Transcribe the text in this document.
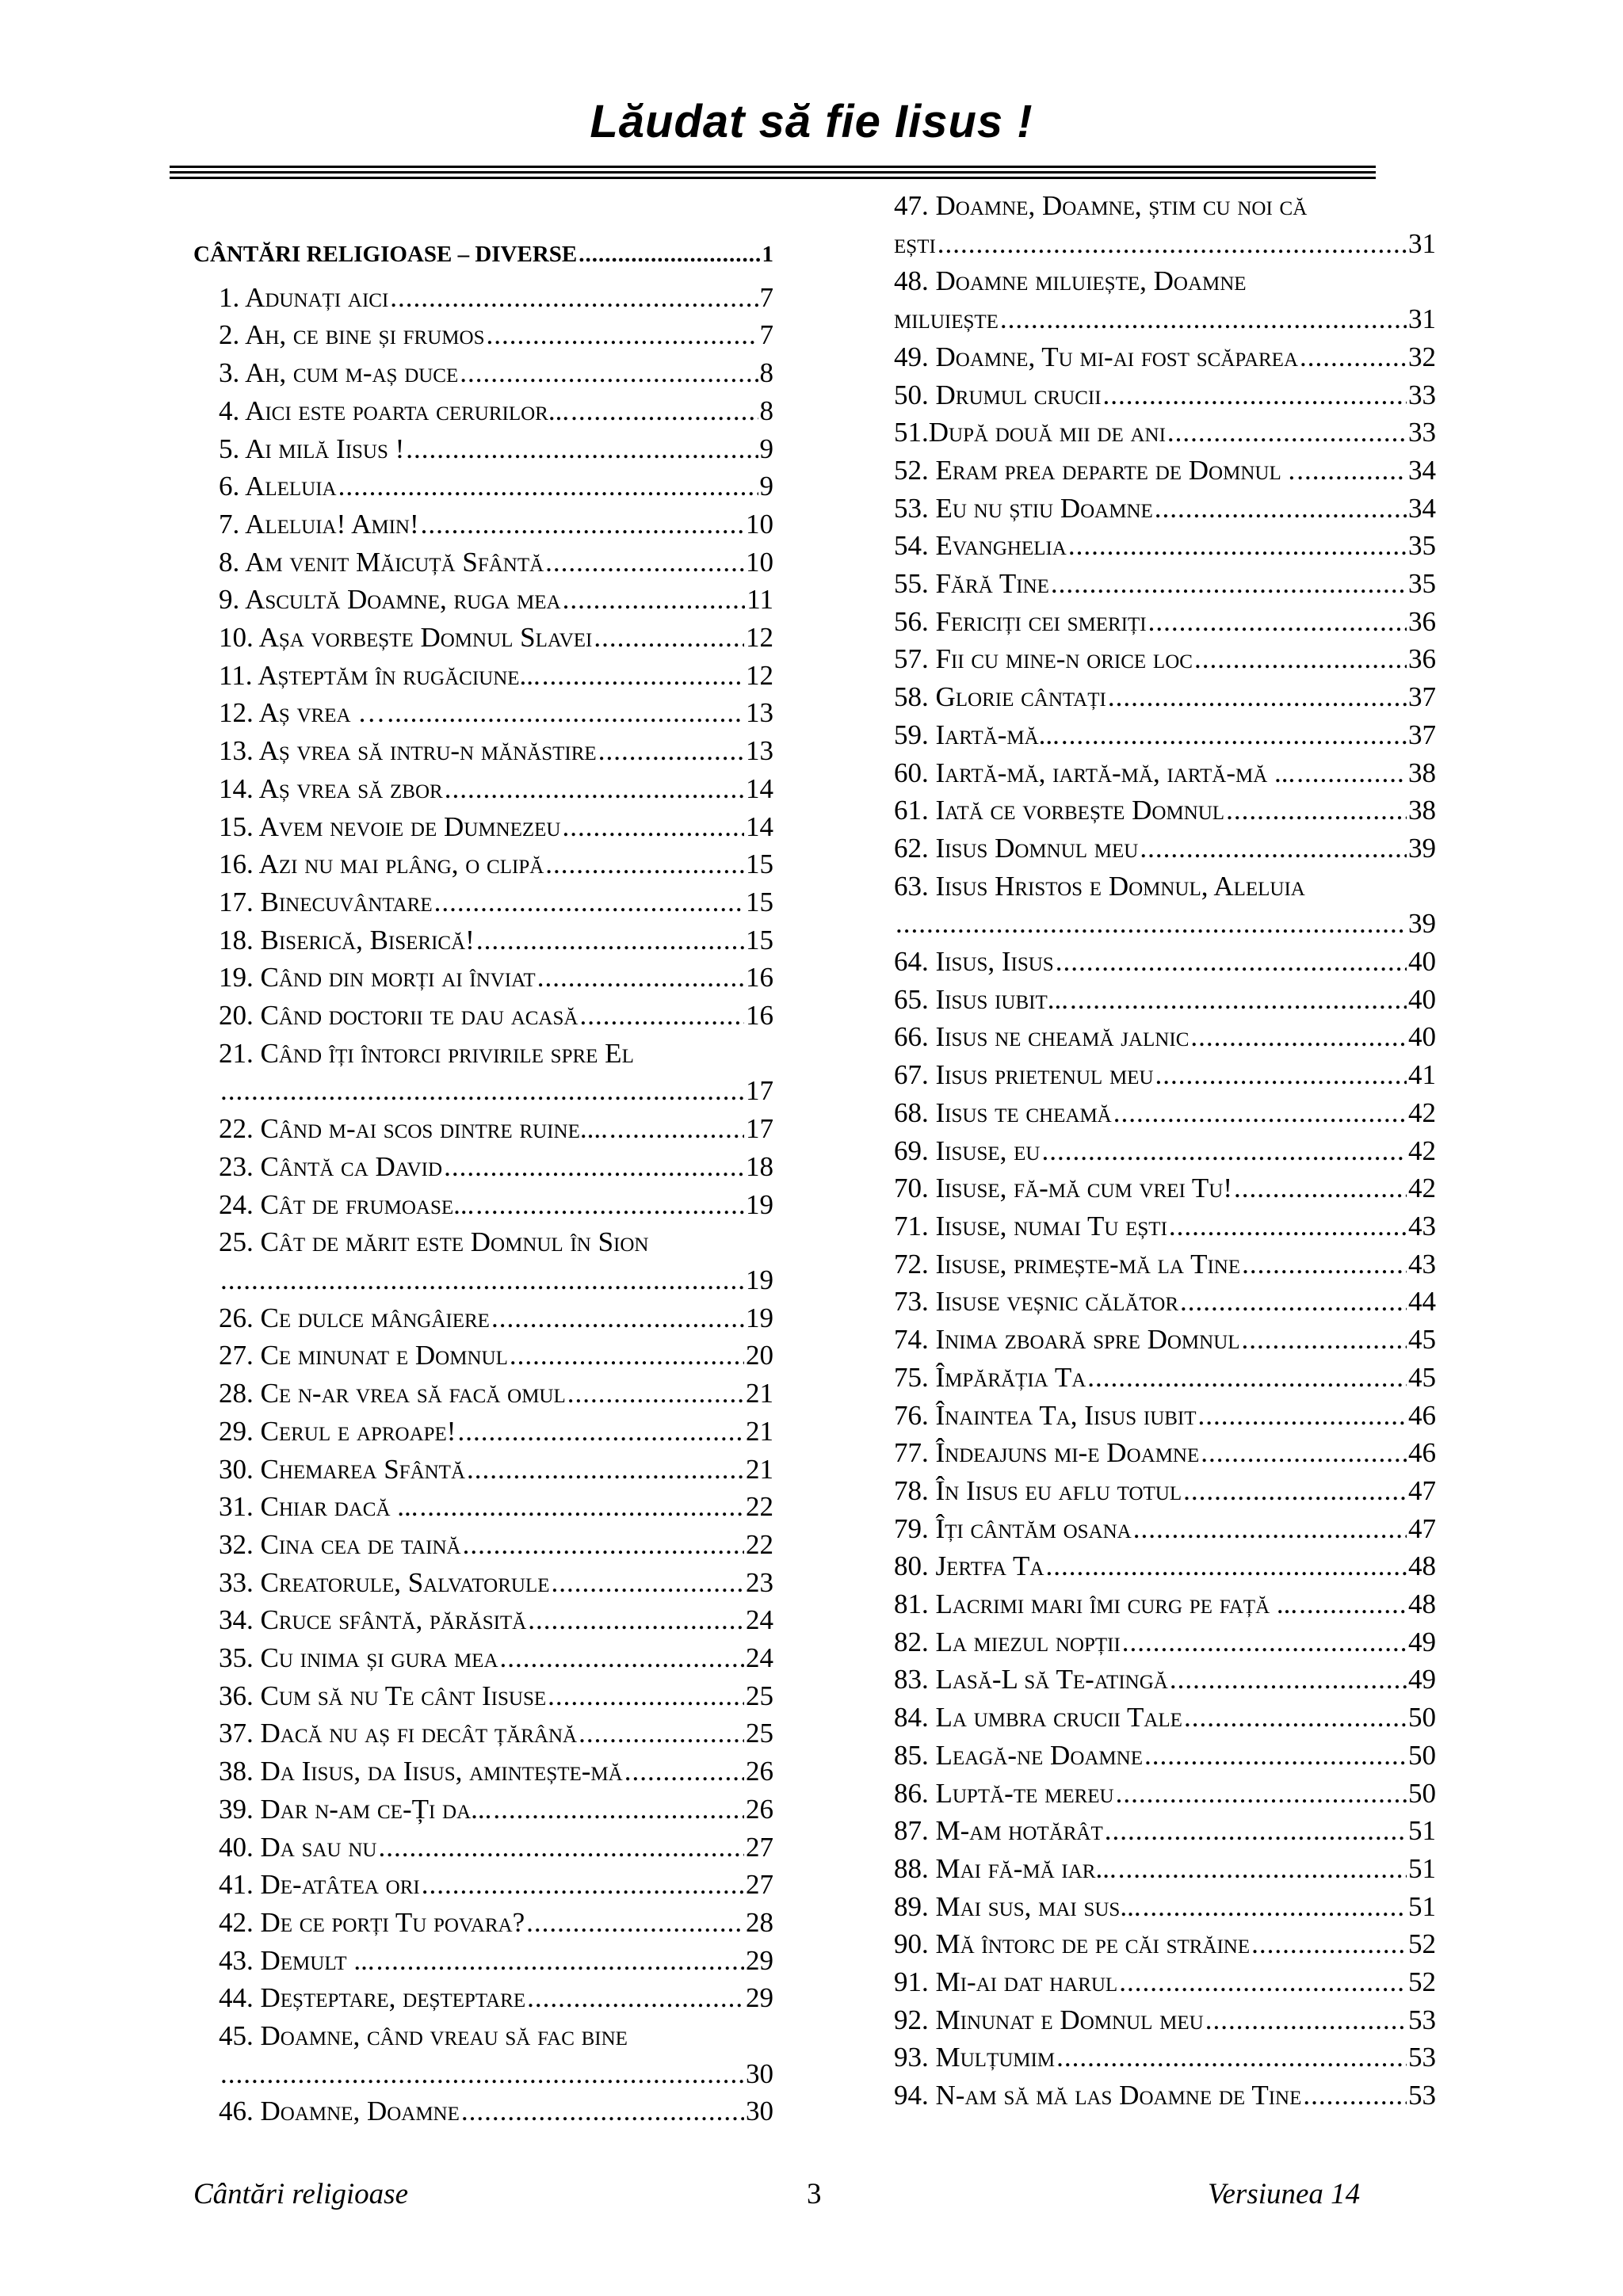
Lăudat să fie Iisus !
CÂNTĂRI RELIGIOASE – DIVERSE .....	1
1. Adunați aici .....	7
2. Ah, ce bine și frumos .....	7
3. Ah, cum m-aș duce .....	8
4. Aici este poarta cerurilor... .....	8
5. Ai milă Iisus ! .....	9
6. Aleluia .....	9
7. Aleluia! Amin! .....	10
8. Am venit Măicuță Sfântă .....	10
9. Ascultă Doamne, ruga mea .....	11
10. Așa vorbește Domnul Slavei .....	12
11. Așteptăm în rugăciune... .....	12
12. Aș vrea … .....	13
13. Aș vrea să intru-n mănăstire .....	13
14. Aș vrea să zbor .....	14
15. Avem nevoie de Dumnezeu .....	14
16. Azi nu mai plâng, o clipă .....	15
17. Binecuvântare .....	15
18. Biserică, Biserică! .....	15
19. Când din morți ai înviat .....	16
20. Când doctorii te dau acasă .....	16
21. Când îți întorci privirile spre El
.....
17
22. Când m-ai scos dintre ruine.... .....	17
23. Cântă ca David .....	18
24. Cât de frumoase... .....	19
25. Cât de mărit este Domnul în Sion
.....
19
26. Ce dulce mângâiere .....	19
27. Ce minunat e Domnul .....	20
28. Ce n-ar vrea să facă omul .....	21
29. Cerul e aproape! .....	21
30. Chemarea Sfântă .....	21
31. Chiar dacă ... .....	22
32. Cina cea de taină .....	22
33. Creatorule, Salvatorule .....	23
34. Cruce sfântă, părăsită .....	24
35. Cu inima și gura mea .....	24
36. Cum să nu Te cânt Iisuse .....	25
37. Dacă nu aș fi decât țărână .....	25
38. Da Iisus, da Iisus, amintește-mă .....	26
39. Dar n-am ce-Ți da... .....	26
40. Da sau nu .....	27
41. De-atâtea ori .....	27
42. De ce porți Tu povara? .....	28
43. Demult ... .....	29
44. Deșteptare, deșteptare .....	29
45. Doamne, când vreau să fac bine
.....
30
46. Doamne, Doamne .....	30
47. Doamne, Doamne, știm cu noi că
ești .....	31
48. Doamne miluiește, Doamne
miluiește .....	31
49. Doamne, Tu mi-ai fost scăparea .....	32
50. Drumul crucii .....	33
51.După două mii de ani .....	33
52. Eram prea departe de Domnul . .....	34
53. Eu nu știu Doamne .....	34
54. Evanghelia .....	35
55. Fără Tine .....	35
56. Fericiți cei smeriți .....	36
57. Fii cu mine-n orice loc .....	36
58. Glorie cântați .....	37
59. Iartă-mă... .....	37
60. Iartă-mă, iartă-mă, iartă-mă ... .....	38
61. Iată ce vorbește Domnul .....	38
62. Iisus Domnul meu .....	39
63. Iisus Hristos e Domnul, Aleluia
.....
39
64. Iisus, Iisus .....	40
65. Iisus iubit... .....	40
66. Iisus ne cheamă jalnic .....	40
67. Iisus prietenul meu .....	41
68. Iisus te cheamă .....	42
69. Iisuse, eu .....	42
70. Iisuse, fă-mă cum vrei Tu! .....	42
71. Iisuse, numai Tu ești .....	43
72. Iisuse, primește-mă la Tine .....	43
73. Iisuse veșnic călător .....	44
74. Inima zboară spre Domnul .....	45
75. Împărăția Ta .....	45
76. Înaintea Ta, Iisus iubit .....	46
77. Îndeajuns mi-e Doamne .....	46
78. În Iisus eu aflu totul .....	47
79. Îți cântăm osana .....	47
80. Jertfa Ta .....	48
81. Lacrimi mari îmi curg pe față ... .....	48
82. La miezul nopții .....	49
83. Lasă-L să Te-atingă .....	49
84. La umbra crucii Tale .....	50
85. Leagă-ne Doamne .....	50
86. Luptă-te mereu .....	50
87. M-am hotărât .....	51
88. Mai fă-mă iar... .....	51
89. Mai sus, mai sus... .....	51
90. Mă întorc de pe căi străine .....	52
91. Mi-ai dat harul .....	52
92. Minunat e Domnul meu .....	53
93. Mulțumim .....	53
94. N-am să mă las Doamne de Tine .....	53
Cântări religioase	3	Versiunea 14
